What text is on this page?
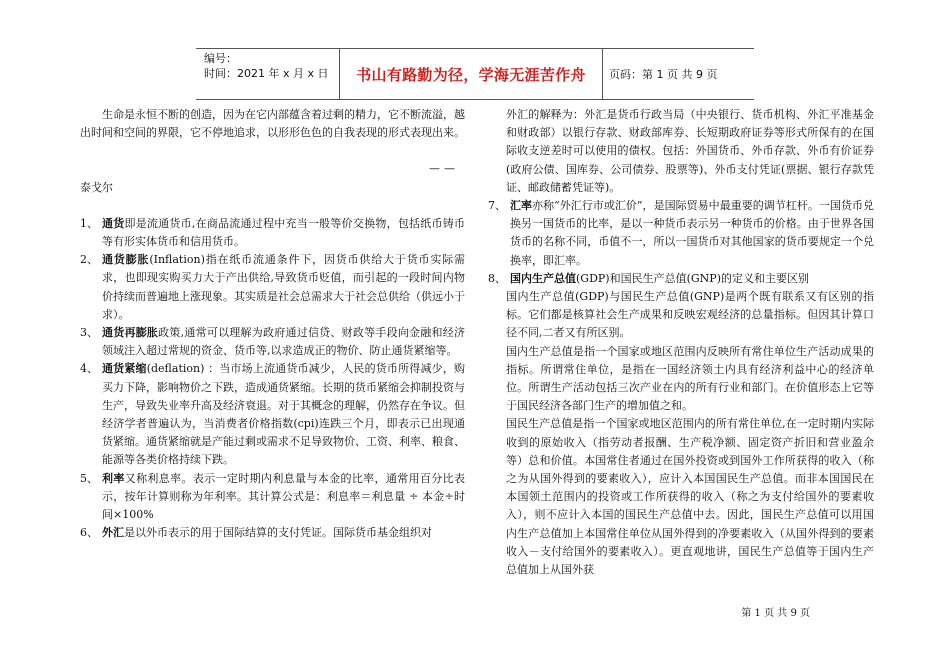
编号：
时间：2021 年 x 月 x 日	书山有路勤为径，学海无涯苦作舟	页码：第 1 页 共 9 页

生命是永恒不断的创造，因为在它内部蕴含着过剩的精力，它不断流溢，越出时间和空间的界限，它不停地追求，以形形色色的自我表现的形式表现出来。

——

泰戈尔

1、 通货即是流通货币,在商品流通过程中充当一般等价交换物，包括纸币铸币等有形实体货币和信用货币。

2、 通货膨胀(Inflation)指在纸币流通条件下，因货币供给大于货币实际需求，也即现实购买力大于产出供给,导致货币贬值，而引起的一段时间内物价持续而普遍地上涨现象。其实质是社会总需求大于社会总供给（供远小于求）。

3、 通货再膨胀政策,通常可以理解为政府通过信贷、财政等手段向金融和经济领域注入超过常规的资金、货币等,以求造成正的物价、防止通货紧缩等。

4、 通货紧缩(deflation) ：当市场上流通货币减少，人民的货币所得减少，购买力下降，影响物价之下跌，造成通货紧缩。长期的货币紧缩会抑制投资与生产，导致失业率升高及经济衰退。对于其概念的理解，仍然存在争议。但经济学者普遍认为，当消费者价格指数(cpi)连跌三个月，即表示已出现通货紧缩。通货紧缩就是产能过剩或需求不足导致物价、工资、利率、粮食、能源等各类价格持续下跌。

5、 利率又称利息率。表示一定时期内利息量与本金的比率，通常用百分比表示，按年计算则称为年利率。其计算公式是：利息率＝利息量 ÷ 本金÷时间×100%

6、 外汇是以外币表示的用于国际结算的支付凭证。国际货币基金组织对

外汇的解释为：外汇是货币行政当局（中央银行、货币机构、外汇平准基金和财政部）以银行存款、财政部库券、长短期政府证券等形式所保有的在国际收支逆差时可以使用的债权。包括：外国货币、外币存款、外币有价证券(政府公债、国库券、公司债券、股票等)、外币支付凭证(票据、银行存款凭证、邮政储蓄凭证等)。

7、 汇率亦称“外汇行市或汇价”，是国际贸易中最重要的调节杠杆。一国货币兑换另一国货币的比率，是以一种货币表示另一种货币的价格。由于世界各国货币的名称不同，币值不一，所以一国货币对其他国家的货币要规定一个兑换率，即汇率。

8、 国内生产总值(GDP)和国民生产总值(GNP)的定义和主要区别

国内生产总值(GDP)与国民生产总值(GNP)是两个既有联系又有区别的指标。它们都是核算社会生产成果和反映宏观经济的总量指标。但因其计算口径不同,二者又有所区别。

国内生产总值是指一个国家或地区范围内反映所有常住单位生产活动成果的指标。所谓常住单位，是指在一国经济领土内具有经济利益中心的经济单位。所谓生产活动包括三次产业在内的所有行业和部门。在价值形态上它等于国民经济各部门生产的增加值之和。

国民生产总值是指一个国家或地区范围内的所有常住单位,在一定时期内实际收到的原始收入（指劳动者报酬、生产税净额、固定资产折旧和营业盈余等）总和价值。本国常住者通过在国外投资或到国外工作所获得的收入（称之为从国外得到的要素收入），应计入本国国民生产总值。而非本国国民在本国领土范围内的投资或工作所获得的收入（称之为支付给国外的要素收入），则不应计入本国的国民生产总值中去。因此，国民生产总值可以用国内生产总值加上本国常住单位从国外得到的净要素收入（从国外得到的要素收入－支付给国外的要素收入）。更直观地讲，国民生产总值等于国内生产总值加上从国外获

第 1 页 共 9 页
